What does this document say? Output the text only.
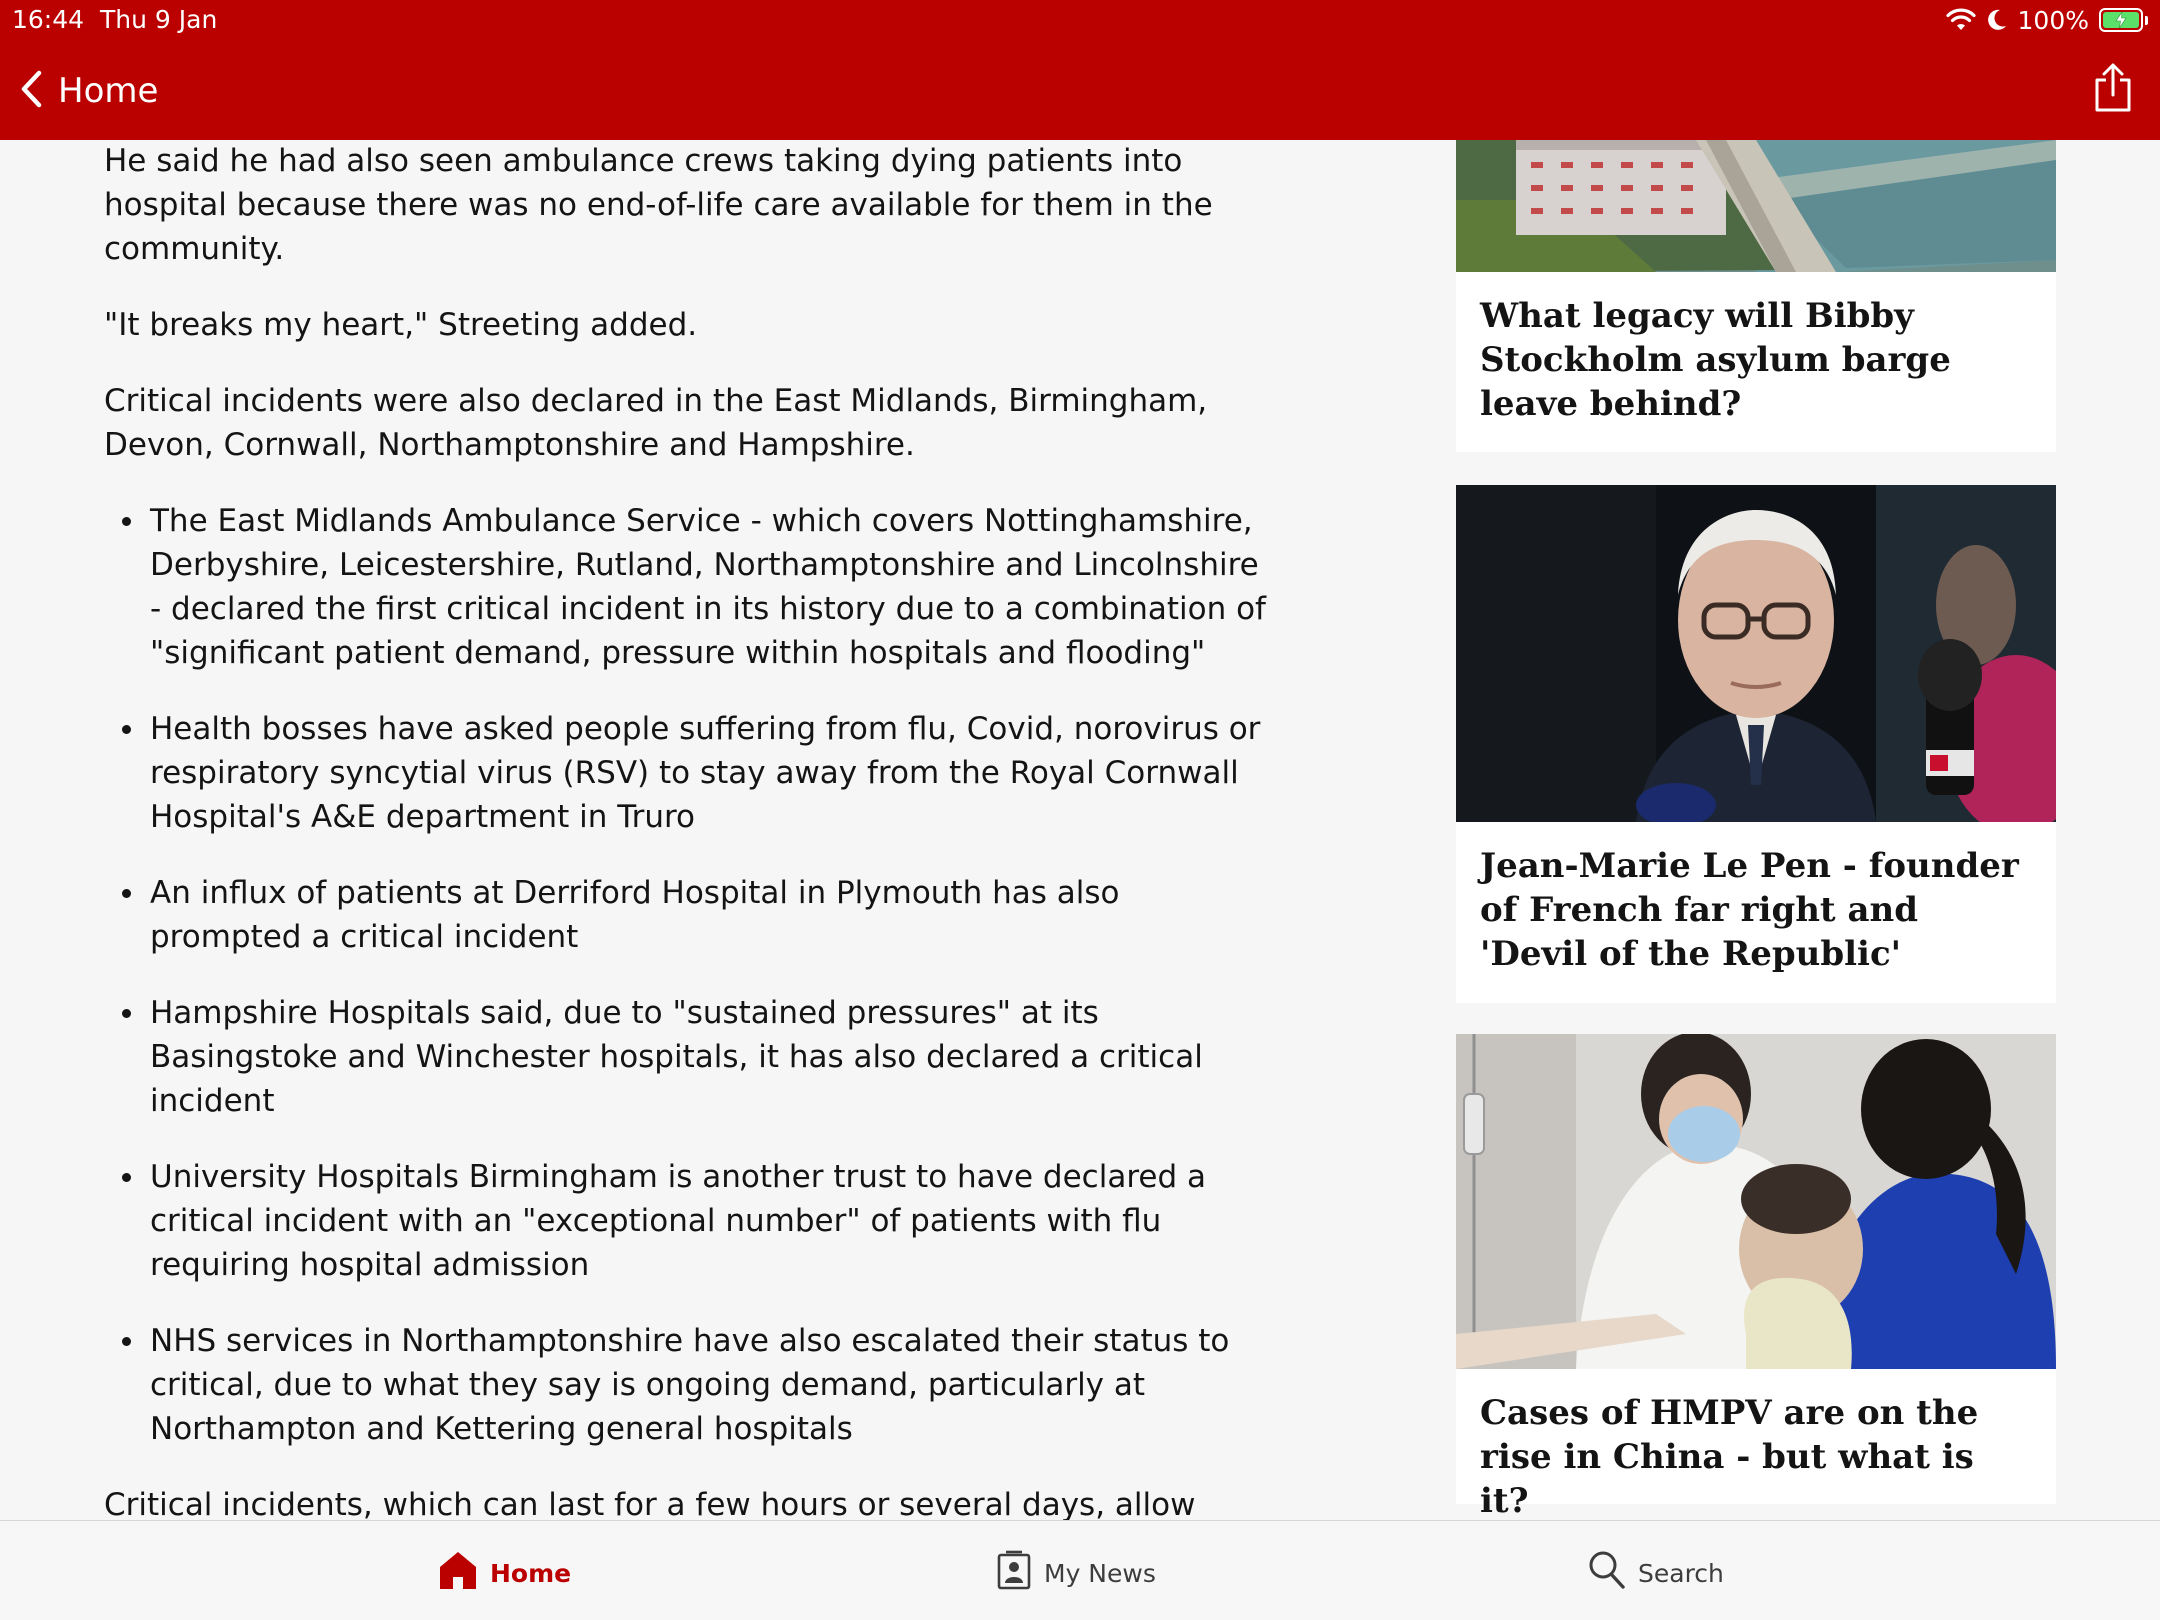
16:44 Thu 9 Jan	100%
Home

He said he had also seen ambulance crews taking dying patients into hospital because there was no end-of-life care available for them in the community.

"It breaks my heart," Streeting added.

Critical incidents were also declared in the East Midlands, Birmingham, Devon, Cornwall, Northamptonshire and Hampshire.

The East Midlands Ambulance Service - which covers Nottinghamshire, Derbyshire, Leicestershire, Rutland, Northamptonshire and Lincolnshire - declared the first critical incident in its history due to a combination of "significant patient demand, pressure within hospitals and flooding"
Health bosses have asked people suffering from flu, Covid, norovirus or respiratory syncytial virus (RSV) to stay away from the Royal Cornwall Hospital's A&E department in Truro
An influx of patients at Derriford Hospital in Plymouth has also prompted a critical incident
Hampshire Hospitals said, due to "sustained pressures" at its Basingstoke and Winchester hospitals, it has also declared a critical incident
University Hospitals Birmingham is another trust to have declared a critical incident with an "exceptional number" of patients with flu requiring hospital admission
NHS services in Northamptonshire have also escalated their status to critical, due to what they say is ongoing demand, particularly at Northampton and Kettering general hospitals

Critical incidents, which can last for a few hours or several days, allow

What legacy will Bibby Stockholm asylum barge leave behind?
Jean-Marie Le Pen - founder of French far right and 'Devil of the Republic'
Cases of HMPV are on the rise in China - but what is it?
Home	My News	Search
